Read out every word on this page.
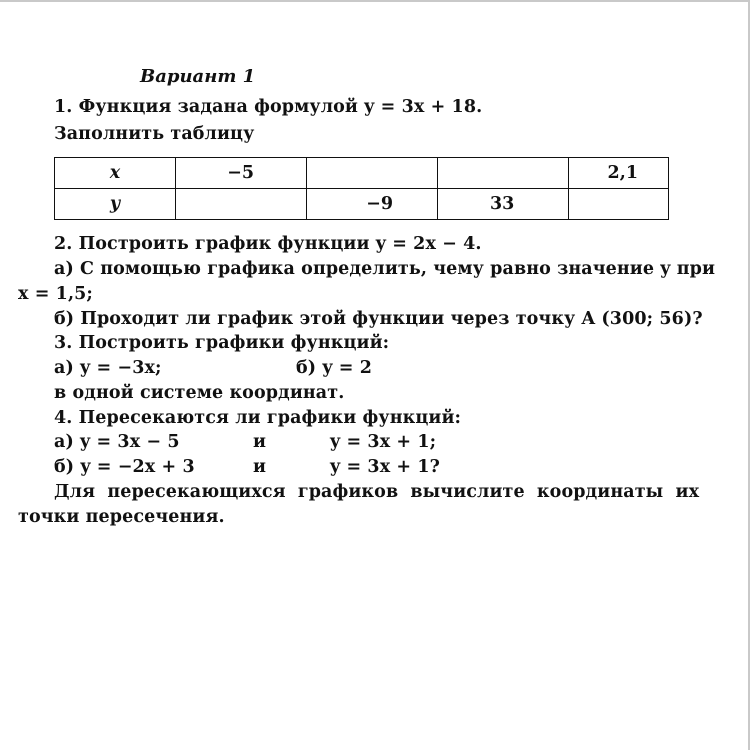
Вариант 1
1. Функция задана формулой y = 3x + 18.
Заполнить таблицу
x	−5			2,1
y		−9	33	
2. Построить график функции y = 2x − 4.
а) С помощью графика определить, чему равно значение y при
x = 1,5;
б) Проходит ли график этой функции через точку A (300; 56)?
3. Построить графики функций:
а) y = −3x;	б) y = 2
в одной системе координат.
4. Пересекаются ли графики функций:
а) y = 3x − 5	и	y = 3x + 1;
б) y = −2x + 3	и	y = 3x + 1?
Для пересекающихся графиков вычислите координаты их
точки пересечения.
